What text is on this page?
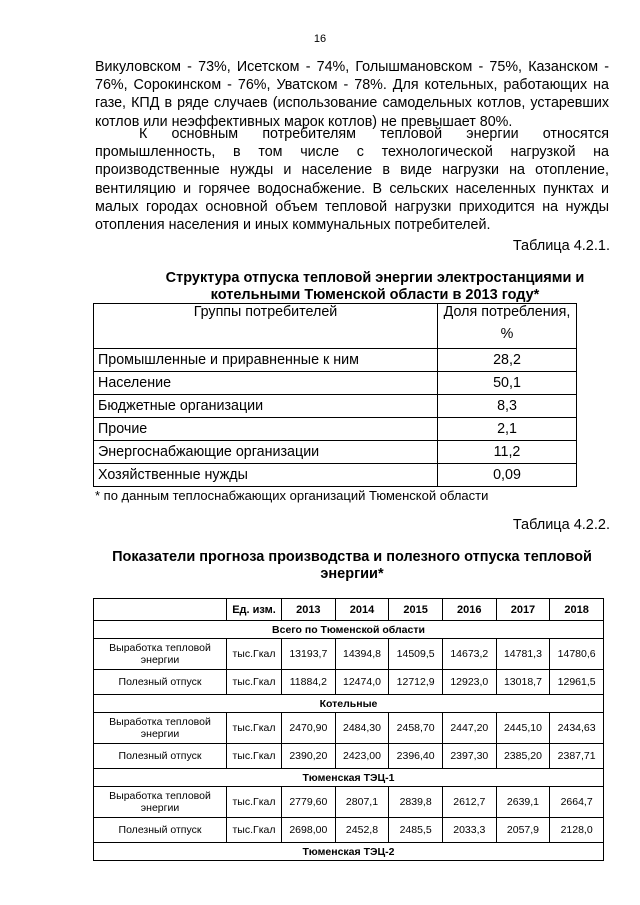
16

Викуловском - 73%, Исетском - 74%, Голышмановском - 75%, Казанском - 76%, Сорокинском - 76%, Уватском - 78%. Для котельных, работающих на газе, КПД в ряде случаев (использование самодельных котлов, устаревших котлов или неэффективных марок котлов) не превышает 80%.

К основным потребителям тепловой энергии относятся промышленность, в том числе с технологической нагрузкой на производственные нужды и население в виде нагрузки на отопление, вентиляцию и горячее водоснабжение. В сельских населенных пунктах и малых городах основной объем тепловой нагрузки приходится на нужды отопления населения и иных коммунальных потребителей.

Таблица 4.2.1.
Структура отпуска тепловой энергии электростанциями и котельными Тюменской области в 2013 году*
Группы потребителей	Доля потребления,
%

Промышленные и приравненные к ним	28,2
Население	50,1
Бюджетные организации	8,3
Прочие	2,1
Энергоснабжающие организации	11,2
Хозяйственные нужды	0,09
* по данным теплоснабжающих организаций Тюменской области
Таблица 4.2.2.
Показатели прогноза производства и полезного отпуска тепловой энергии*
	Ед. изм.	2013	2014	2015	2016	2017	2018
Всего по Тюменской области							
Выработка тепловой энергии	тыс.Гкал	13193,7	14394,8	14509,5	14673,2	14781,3	14780,6
Полезный отпуск	тыс.Гкал	11884,2	12474,0	12712,9	12923,0	13018,7	12961,5
Котельные							
Выработка тепловой энергии	тыс.Гкал	2470,90	2484,30	2458,70	2447,20	2445,10	2434,63
Полезный отпуск	тыс.Гкал	2390,20	2423,00	2396,40	2397,30	2385,20	2387,71
Тюменская ТЭЦ-1							
Выработка тепловой энергии	тыс.Гкал	2779,60	2807,1	2839,8	2612,7	2639,1	2664,7
Полезный отпуск	тыс.Гкал	2698,00	2452,8	2485,5	2033,3	2057,9	2128,0
Тюменская ТЭЦ-2							
